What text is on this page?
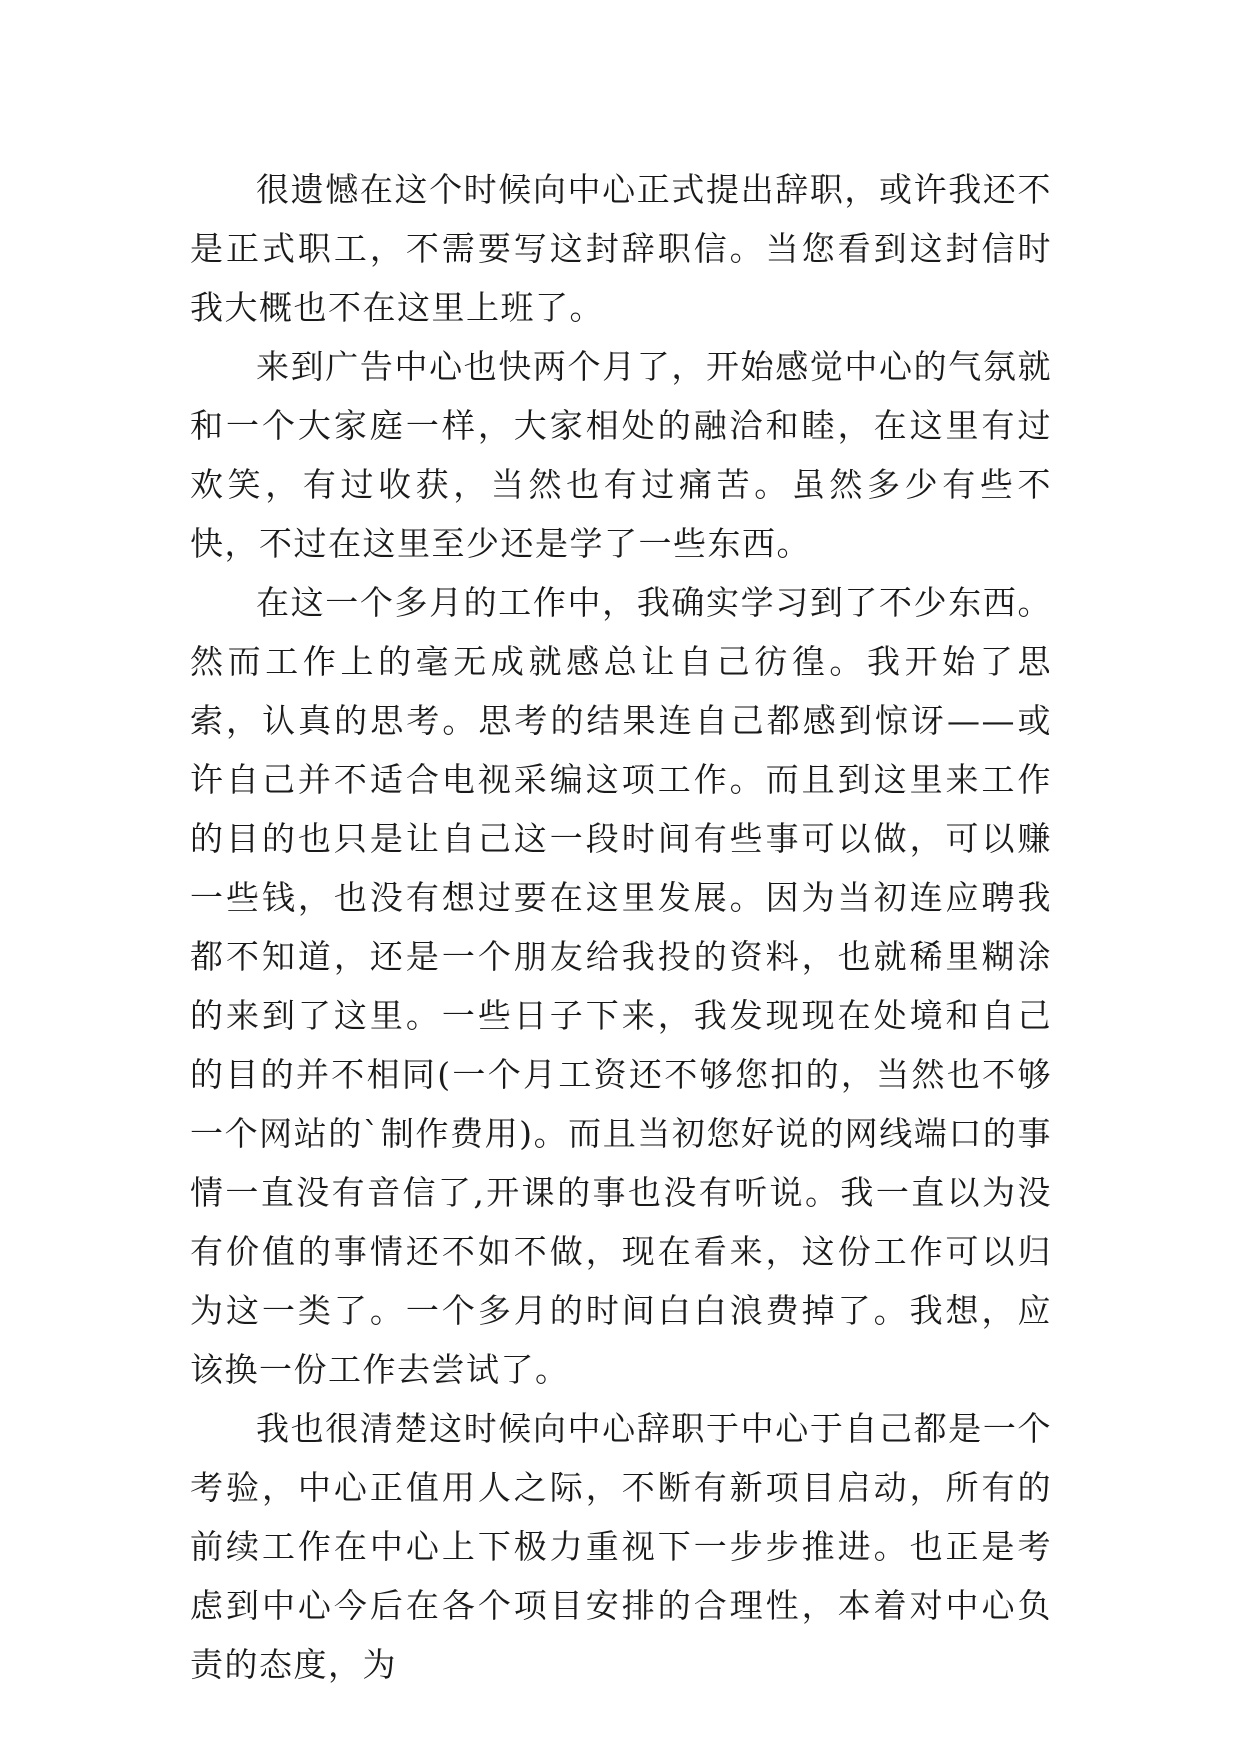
很遗憾在这个时候向中心正式提出辞职，或许我还不是正式职工，不需要写这封辞职信。当您看到这封信时我大概也不在这里上班了。

来到广告中心也快两个月了，开始感觉中心的气氛就和一个大家庭一样，大家相处的融洽和睦，在这里有过欢笑，有过收获，当然也有过痛苦。虽然多少有些不快，不过在这里至少还是学了一些东西。

在这一个多月的工作中，我确实学习到了不少东西。然而工作上的毫无成就感总让自己彷徨。我开始了思索，认真的思考。思考的结果连自己都感到惊讶——或许自己并不适合电视采编这项工作。而且到这里来工作的目的也只是让自己这一段时间有些事可以做，可以赚一些钱，也没有想过要在这里发展。因为当初连应聘我都不知道，还是一个朋友给我投的资料，也就稀里糊涂的来到了这里。一些日子下来，我发现现在处境和自己的目的并不相同(一个月工资还不够您扣的，当然也不够一个网站的`制作费用)。而且当初您好说的网线端口的事情一直没有音信了,开课的事也没有听说。我一直以为没有价值的事情还不如不做，现在看来，这份工作可以归为这一类了。一个多月的时间白白浪费掉了。我想，应该换一份工作去尝试了。

我也很清楚这时候向中心辞职于中心于自己都是一个考验，中心正值用人之际，不断有新项目启动，所有的前续工作在中心上下极力重视下一步步推进。也正是考虑到中心今后在各个项目安排的合理性，本着对中心负责的态度，为
